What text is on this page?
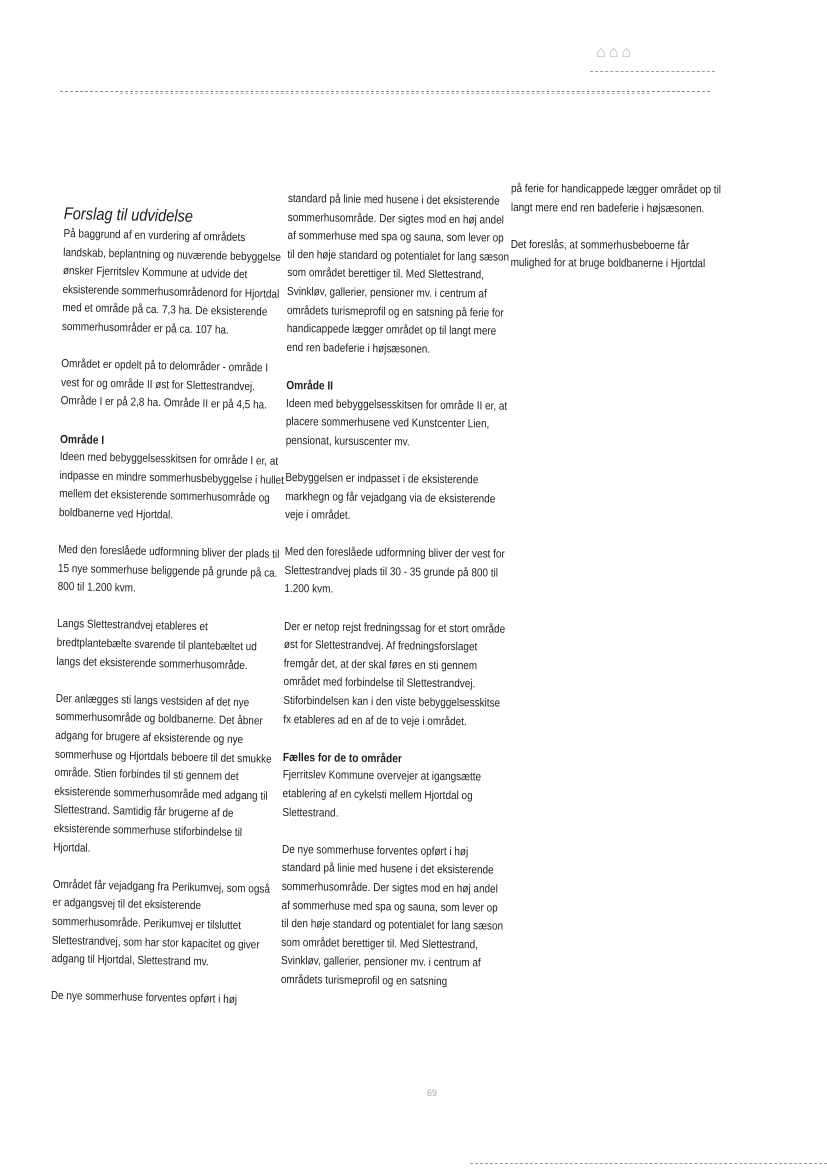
⌂⌂⌂
Forslag til udvidelse

På baggrund af en vurdering af områdets landskab, beplantning og nuværende bebyggelse ønsker Fjerritslev Kommune at udvide det eksisterende sommerhusområdenord for Hjortdal med et område på ca. 7,3 ha. De eksisterende sommerhusområder er på ca. 107 ha.

Området er opdelt på to delområder - område I vest for og område II øst for Slettestrandvej. Område I er på 2,8 ha. Område II er på 4,5 ha.

Område I

Ideen med bebyggelsesskitsen for område I er, at indpasse en mindre sommerhusbebyggelse i hullet mellem det eksisterende sommerhusområde og boldbanerne ved Hjortdal.

Med den foreslåede udformning bliver der plads til 15 nye sommerhuse beliggende på grunde på ca. 800 til 1.200 kvm.

Langs Slettestrandvej etableres et bredtplantebælte svarende til plantebæltet ud langs det eksisterende sommerhusområde.

Der anlægges sti langs vestsiden af det nye sommerhusområde og boldbanerne. Det åbner adgang for brugere af eksisterende og nye sommerhuse og Hjortdals beboere til det smukke område. Stien forbindes til sti gennem det eksisterende sommerhusområde med adgang til Slettestrand. Samtidig får brugerne af de eksisterende sommerhuse stiforbindelse til Hjortdal.

Området får vejadgang fra Perikumvej, som også er adgangsvej til det eksisterende sommerhusområde. Perikumvej er tilsluttet Slettestrandvej, som har stor kapacitet og giver adgang til Hjortdal, Slettestrand mv.

De nye sommerhuse forventes opført i høj

standard på linie med husene i det eksisterende sommerhusområde. Der sigtes mod en høj andel af sommerhuse med spa og sauna, som lever op til den høje standard og potentialet for lang sæson som området berettiger til. Med Slettestrand, Svinkløv, gallerier, pensioner mv. i centrum af områdets turismeprofil og en satsning på ferie for handicappede lægger området op til langt mere end ren badeferie i højsæsonen.

Område II

Ideen med bebyggelsesskitsen for område II er, at placere sommerhusene ved Kunstcenter Lien, pensionat, kursuscenter mv.

Bebyggelsen er indpasset i de eksisterende markhegn og får vejadgang via de eksisterende veje i området.

Med den foreslåede udformning bliver der vest for Slettestrandvej plads til 30 - 35 grunde på 800 til 1.200 kvm.

Der er netop rejst fredningssag for et stort område øst for Slettestrandvej. Af fredningsforslaget fremgår det, at der skal føres en sti gennem området med forbindelse til Slettestrandvej. Stiforbindelsen kan i den viste bebyggelsesskitse fx etableres ad en af de to veje i området.

Fælles for de to områder

Fjerritslev Kommune overvejer at igangsætte etablering af en cykelsti mellem Hjortdal og Slettestrand.

De nye sommerhuse forventes opført i høj standard på linie med husene i det eksisterende sommerhusområde. Der sigtes mod en høj andel af sommerhuse med spa og sauna, som lever op til den høje standard og potentialet for lang sæson som området berettiger til. Med Slettestrand, Svinkløv, gallerier, pensioner mv. i centrum af områdets turismeprofil og en satsning

på ferie for handicappede lægger området op til langt mere end ren badeferie i højsæsonen.

Det foreslås, at sommerhusbeboerne får mulighed for at bruge boldbanerne i Hjortdal

69
